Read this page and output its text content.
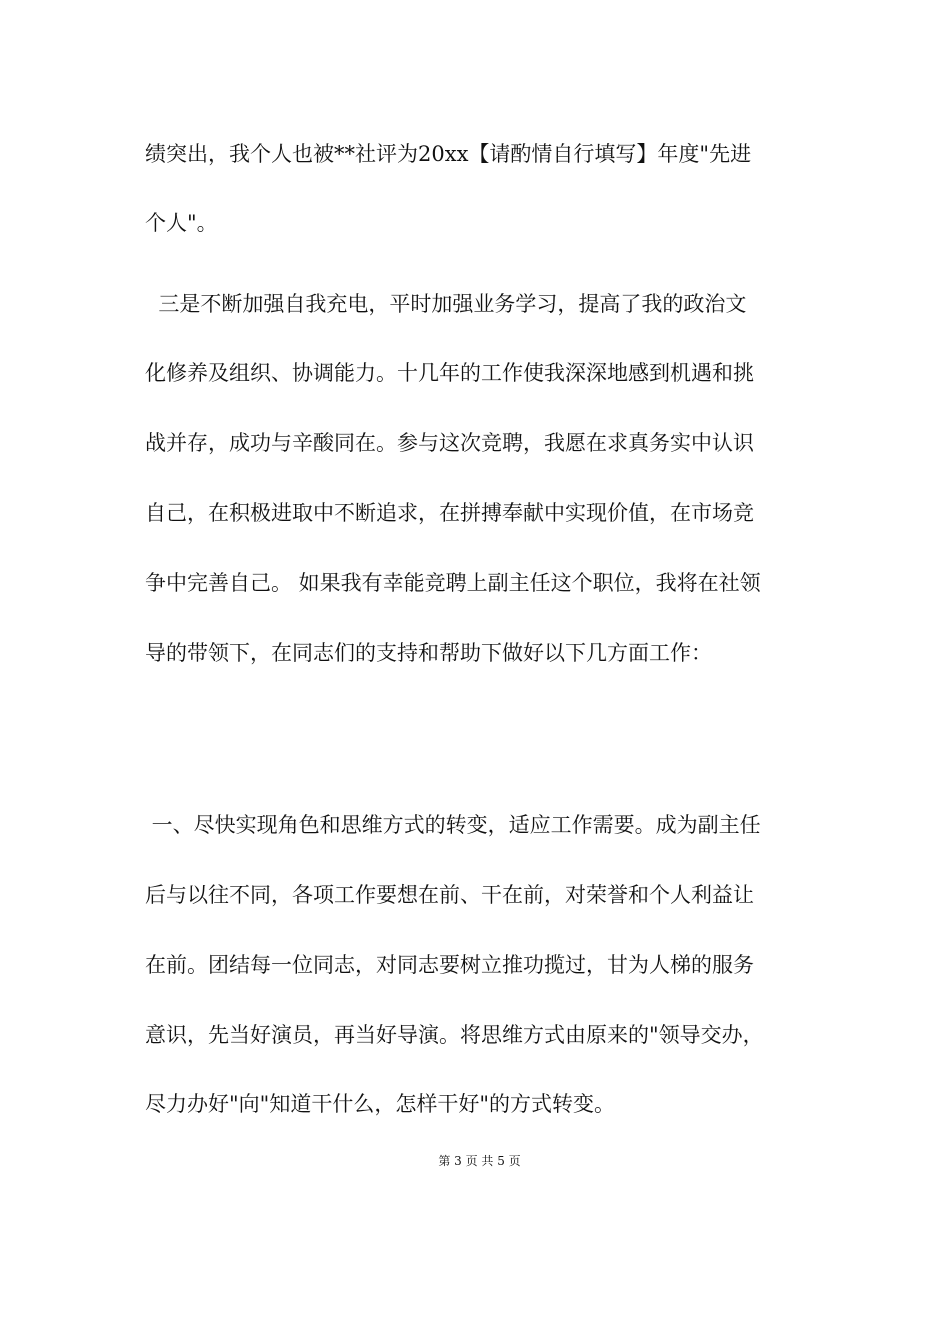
绩突出，我个人也被**社评为20xx【请酌情自行填写】年度"先进
个人"。
三是不断加强自我充电，平时加强业务学习，提高了我的政治文
化修养及组织、协调能力。十几年的工作使我深深地感到机遇和挑
战并存，成功与辛酸同在。参与这次竞聘，我愿在求真务实中认识
自己，在积极进取中不断追求，在拼搏奉献中实现价值，在市场竞
争中完善自己。 如果我有幸能竞聘上副主任这个职位，我将在社领
导的带领下，在同志们的支持和帮助下做好以下几方面工作：
一、尽快实现角色和思维方式的转变，适应工作需要。成为副主任
后与以往不同，各项工作要想在前、干在前，对荣誉和个人利益让
在前。团结每一位同志，对同志要树立推功揽过，甘为人梯的服务
意识，先当好演员，再当好导演。将思维方式由原来的"领导交办，
尽力办好"向"知道干什么，怎样干好"的方式转变。
第 3 页 共 5 页
